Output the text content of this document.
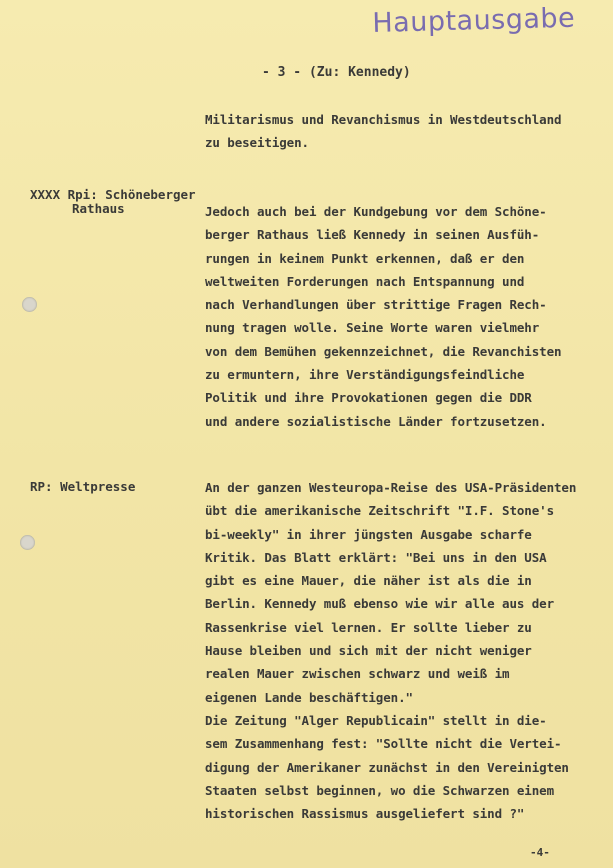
Hauptausgabe
- 3 - (Zu: Kennedy)
Militarismus und Revanchismus in Westdeutschland
zu beseitigen.
XXXX Rpi: Schöneberger
Rathaus	Jedoch auch bei der Kundgebung vor dem Schöne-
berger Rathaus ließ Kennedy in seinen Ausfüh-
rungen in keinem Punkt erkennen, daß er den
weltweiten Forderungen nach Entspannung und
nach Verhandlungen über strittige Fragen Rech-
nung tragen wolle. Seine Worte waren vielmehr
von dem Bemühen gekennzeichnet, die Revanchisten
zu ermuntern, ihre Verständigungsfeindliche
Politik und ihre Provokationen gegen die DDR
und andere sozialistische Länder fortzusetzen.
RP: Weltpresse	An der ganzen Westeuropa-Reise des USA-Präsidenten
übt die amerikanische Zeitschrift "I.F. Stone's
bi-weekly" in ihrer jüngsten Ausgabe scharfe
Kritik. Das Blatt erklärt: "Bei uns in den USA
gibt es eine Mauer, die näher ist als die in
Berlin. Kennedy muß ebenso wie wir alle aus der
Rassenkrise viel lernen. Er sollte lieber zu
Hause bleiben und sich mit der nicht weniger
realen Mauer zwischen schwarz und weiß im
eigenen Lande beschäftigen."
Die Zeitung "Alger Republicain" stellt in die-
sem Zusammenhang fest: "Sollte nicht die Vertei-
digung der Amerikaner zunächst in den Vereinigten
Staaten selbst beginnen, wo die Schwarzen einem
historischen Rassismus ausgeliefert sind ?"
-4-
